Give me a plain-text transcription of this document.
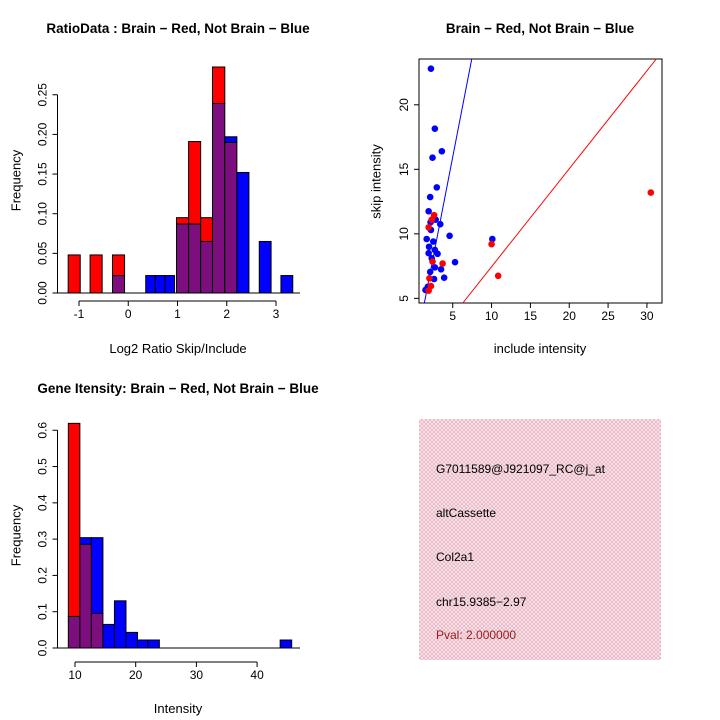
0.00
0.05
0.10
0.15
0.20
0.25
-1	0	1	2	3
RatioData : Brain − Red, Not Brain − Blue
Frequency
Log2 Ratio Skip/Include
5 10 15 20 25 30
5
10
15
20
Brain − Red, Not Brain − Blue
skip intensity
include intensity
0.0
0.1
0.2
0.3
0.4
0.5
0.6
10	20	30	40
Gene Itensity: Brain − Red, Not Brain − Blue
Frequency
Intensity
G7011589@J921097_RC@j_at
altCassette
Col2a1
chr15.9385−2.97
Pval: 2.000000
